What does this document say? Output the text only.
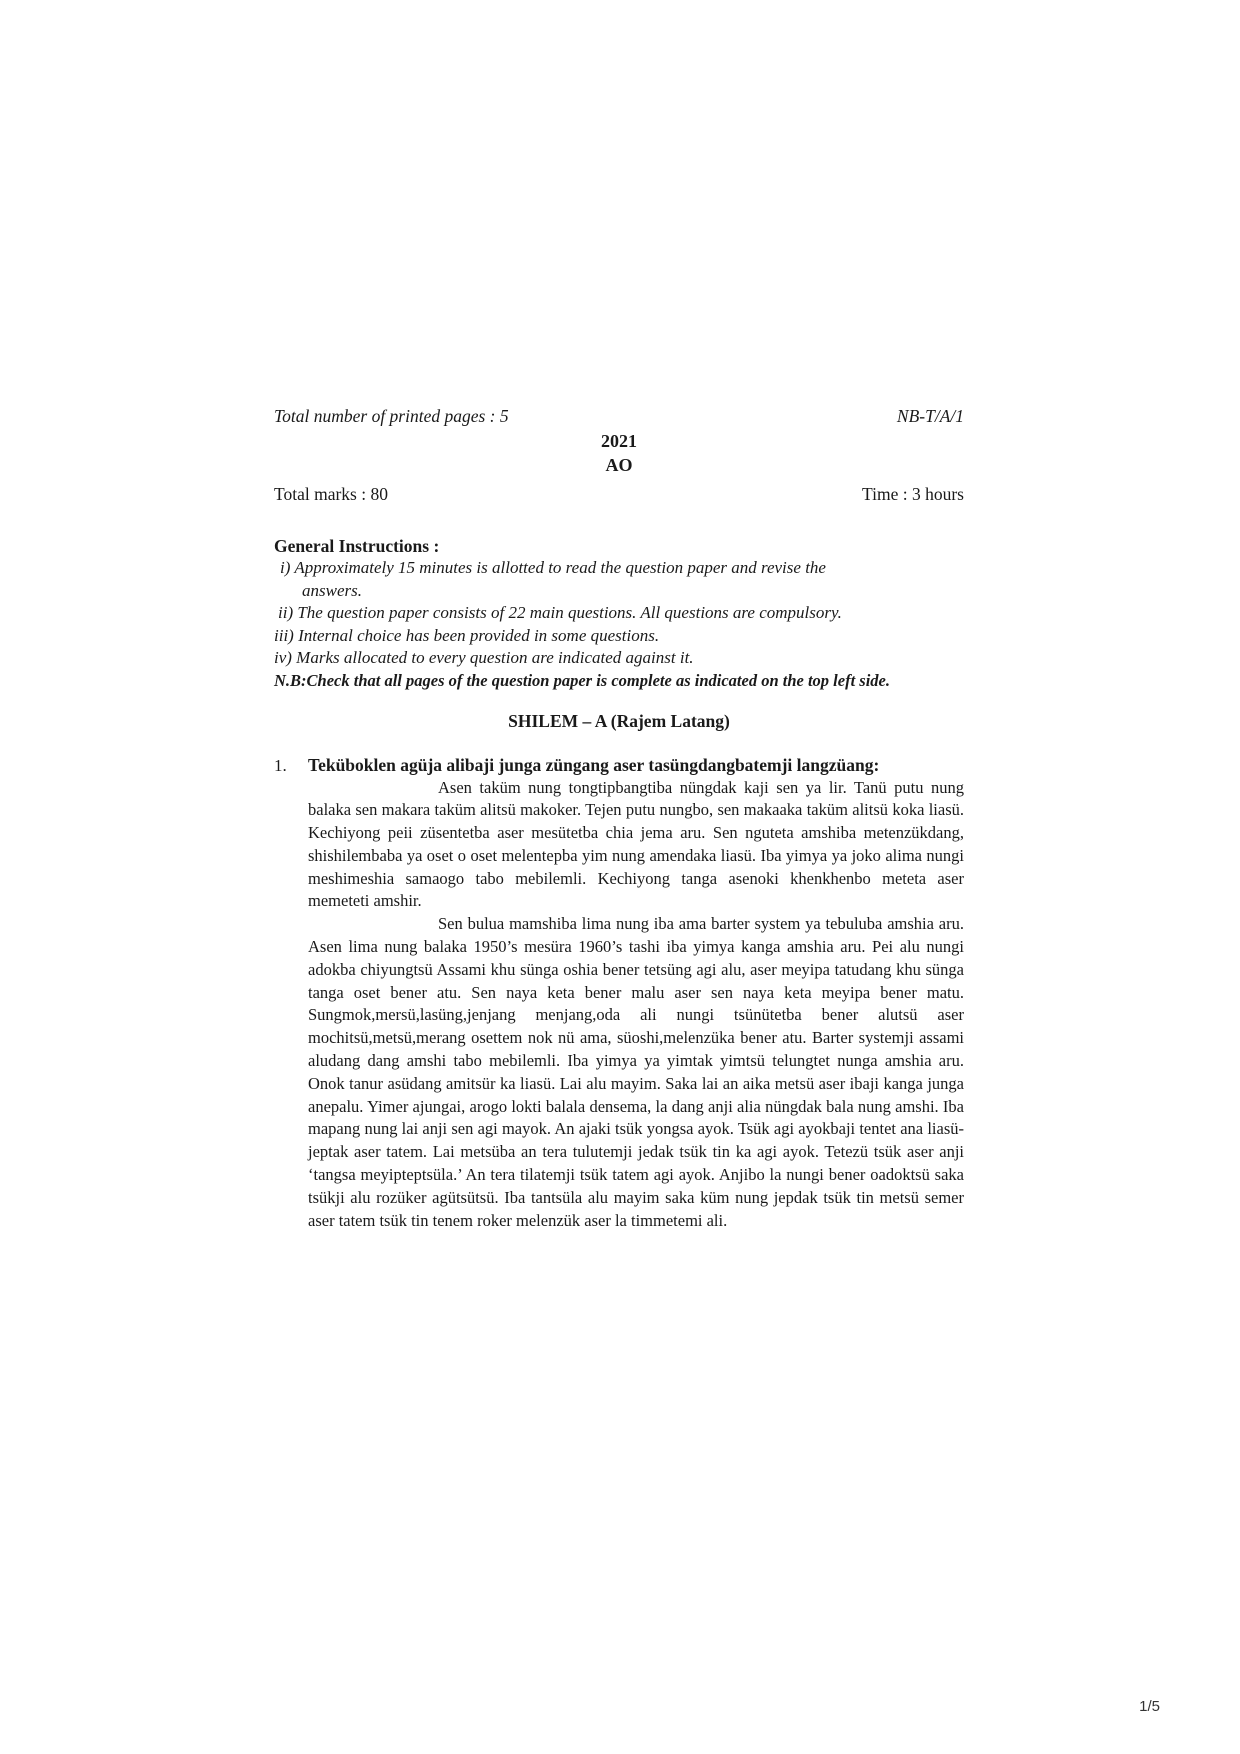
Total number of printed pages : 5	NB-T/A/1
2021
AO
Total marks : 80	Time : 3 hours
General Instructions :
i) Approximately 15 minutes is allotted to read the question paper and revise the
answers.
ii) The question paper consists of 22 main questions. All questions are compulsory.
iii) Internal choice has been provided in some questions.
iv) Marks allocated to every question are indicated against it.
N.B:Check that all pages of the question paper is complete as indicated on the top left side.
SHILEM – A (Rajem Latang)
1.	Teküboklen agüja alibaji junga züngang aser tasüngdangbatemji langzüang:

Asen taküm nung tongtipbangtiba nüngdak kaji sen ya lir. Tanü putu nung balaka sen makara taküm alitsü makoker. Tejen putu nungbo, sen makaaka taküm alitsü koka liasü. Kechiyong peii züsentetba aser mesütetba chia jema aru. Sen nguteta amshiba metenzükdang, shishilembaba ya oset o oset melentepba yim nung amendaka liasü. Iba yimya ya joko alima nungi meshimeshia samaogo tabo mebilemli. Kechiyong tanga asenoki khenkhenbo meteta aser memeteti amshir.

Sen bulua mamshiba lima nung iba ama barter system ya tebuluba amshia aru. Asen lima nung balaka 1950’s mesüra 1960’s tashi iba yimya kanga amshia aru. Pei alu nungi adokba chiyungtsü Assami khu sünga oshia bener tetsüng agi alu, aser meyipa tatudang khu sünga tanga oset bener atu. Sen naya keta bener malu aser sen naya keta meyipa bener matu. Sungmok,mersü,lasüng,jenjang menjang,oda ali nungi tsünütetba bener alutsü aser mochitsü,metsü,merang osettem nok nü ama, süoshi,melenzüka bener atu. Barter systemji assami aludang dang amshi tabo mebilemli. Iba yimya ya yimtak yimtsü telungtet nunga amshia aru. Onok tanur asüdang amitsür ka liasü. Lai alu mayim. Saka lai an aika metsü aser ibaji kanga junga anepalu. Yimer ajungai, arogo lokti balala densema, la dang anji alia nüngdak bala nung amshi. Iba mapang nung lai anji sen agi mayok. An ajaki tsük yongsa ayok. Tsük agi ayokbaji tentet ana liasü-jeptak aser tatem. Lai metsüba an tera tulutemji jedak tsük tin ka agi ayok. Tetezü tsük aser anji ‘tangsa meyipteptsüla.’ An tera tilatemji tsük tatem agi ayok. Anjibo la nungi bener oadoktsü saka tsükji alu rozüker agütsütsü. Iba tantsüla alu mayim saka küm nung jepdak tsük tin metsü semer aser tatem tsük tin tenem roker melenzük aser la timmetemi ali.

1/5
